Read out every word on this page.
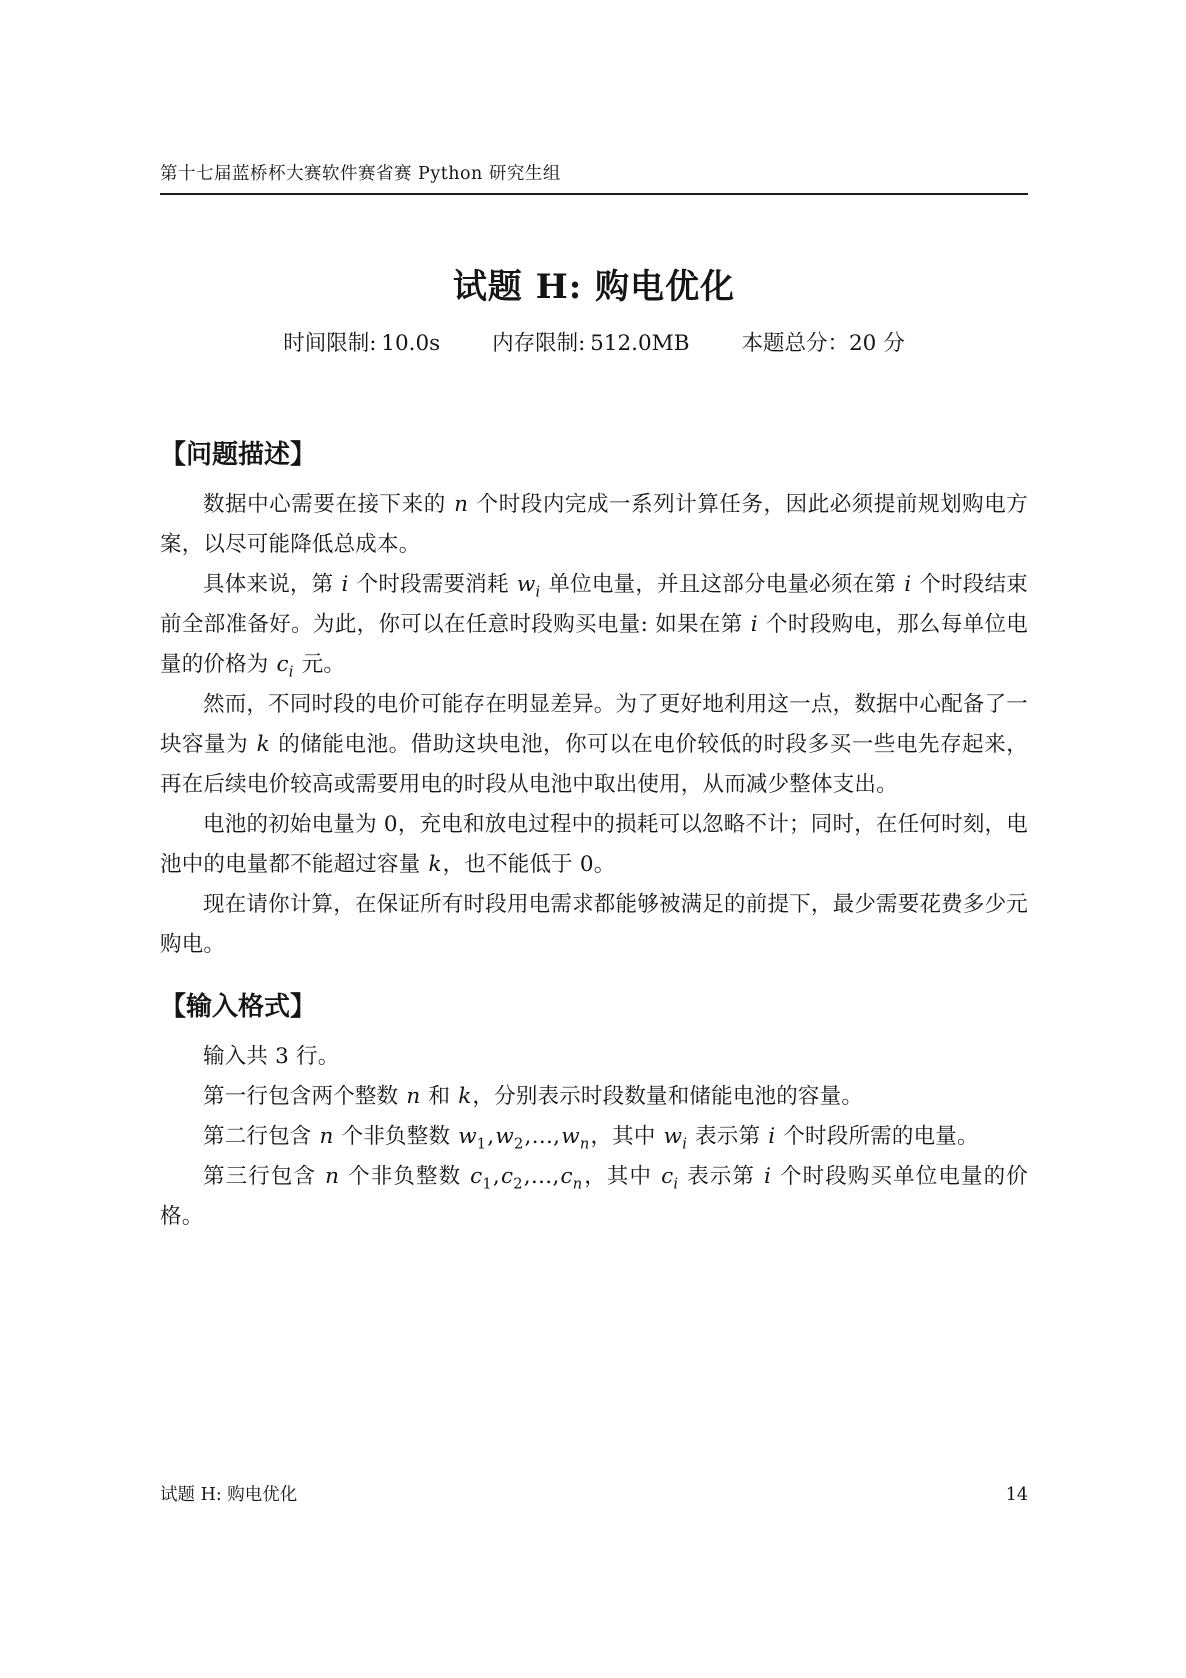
第十七届蓝桥杯大赛软件赛省赛 Python 研究生组
试题 H: 购电优化
时间限制: 10.0s 内存限制: 512.0MB 本题总分：20 分
【问题描述】

数据中心需要在接下来的 n 个时段内完成一系列计算任务，因此必须提前规划购电方案，以尽可能降低总成本。

具体来说，第 i 个时段需要消耗 $w_i$ 单位电量，并且这部分电量必须在第 i 个时段结束前全部准备好。为此，你可以在任意时段购买电量: 如果在第 i 个时段购电，那么每单位电量的价格为 $c_i$ 元。

然而，不同时段的电价可能存在明显差异。为了更好地利用这一点，数据中心配备了一块容量为 k 的储能电池。借助这块电池，你可以在电价较低的时段多买一些电先存起来，再在后续电价较高或需要用电的时段从电池中取出使用，从而减少整体支出。

电池的初始电量为 0，充电和放电过程中的损耗可以忽略不计；同时，在任何时刻，电池中的电量都不能超过容量 k，也不能低于 0。

现在请你计算，在保证所有时段用电需求都能够被满足的前提下，最少需要花费多少元购电。

【输入格式】

输入共 3 行。

第一行包含两个整数 n 和 k，分别表示时段数量和储能电池的容量。

第二行包含 n 个非负整数 $w_1,w_2,\dots,w_n$，其中 $w_i$ 表示第 i 个时段所需的电量。

第三行包含 n 个非负整数 $c_1,c_2,\dots,c_n$，其中 $c_i$ 表示第 i 个时段购买单位电量的价格。

试题 H: 购电优化	14
